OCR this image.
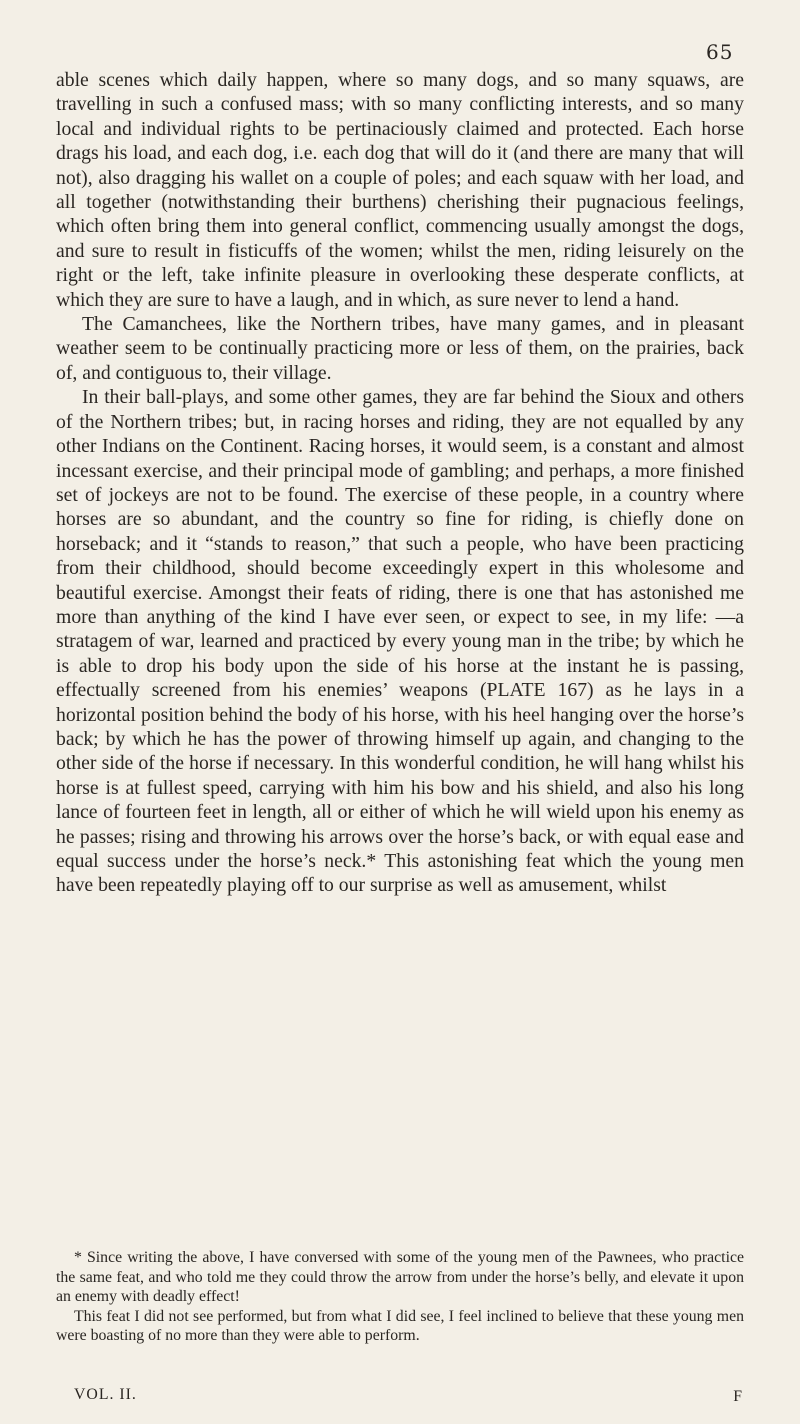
65

able scenes which daily happen, where so many dogs, and so many squaws, are travelling in such a confused mass; with so many conflicting interests, and so many local and individual rights to be pertinaciously claimed and protected. Each horse drags his load, and each dog, i.e. each dog that will do it (and there are many that will not), also dragging his wallet on a couple of poles; and each squaw with her load, and all together (notwithstanding their burthens) cherishing their pugnacious feelings, which often bring them into general conflict, commencing usually amongst the dogs, and sure to result in fisticuffs of the women; whilst the men, riding leisurely on the right or the left, take infinite pleasure in overlooking these desperate conflicts, at which they are sure to have a laugh, and in which, as sure never to lend a hand.

The Camanchees, like the Northern tribes, have many games, and in pleasant weather seem to be continually practicing more or less of them, on the prairies, back of, and contiguous to, their village.

In their ball-plays, and some other games, they are far behind the Sioux and others of the Northern tribes; but, in racing horses and riding, they are not equalled by any other Indians on the Continent. Racing horses, it would seem, is a constant and almost incessant exercise, and their principal mode of gambling; and perhaps, a more finished set of jockeys are not to be found. The exercise of these people, in a country where horses are so abundant, and the country so fine for riding, is chiefly done on horseback; and it “stands to reason,” that such a people, who have been practicing from their childhood, should become exceedingly expert in this wholesome and beautiful exercise. Amongst their feats of riding, there is one that has astonished me more than anything of the kind I have ever seen, or expect to see, in my life: —a stratagem of war, learned and practiced by every young man in the tribe; by which he is able to drop his body upon the side of his horse at the instant he is passing, effectually screened from his enemies’ weapons (PLATE 167) as he lays in a horizontal position behind the body of his horse, with his heel hanging over the horse’s back; by which he has the power of throwing himself up again, and changing to the other side of the horse if necessary. In this wonderful condition, he will hang whilst his horse is at fullest speed, carrying with him his bow and his shield, and also his long lance of fourteen feet in length, all or either of which he will wield upon his enemy as he passes; rising and throwing his arrows over the horse’s back, or with equal ease and equal success under the horse’s neck.* This astonishing feat which the young men have been repeatedly playing off to our surprise as well as amusement, whilst

* Since writing the above, I have conversed with some of the young men of the Pawnees, who practice the same feat, and who told me they could throw the arrow from under the horse’s belly, and elevate it upon an enemy with deadly effect!

This feat I did not see performed, but from what I did see, I feel inclined to believe that these young men were boasting of no more than they were able to perform.

VOL. II.	F
